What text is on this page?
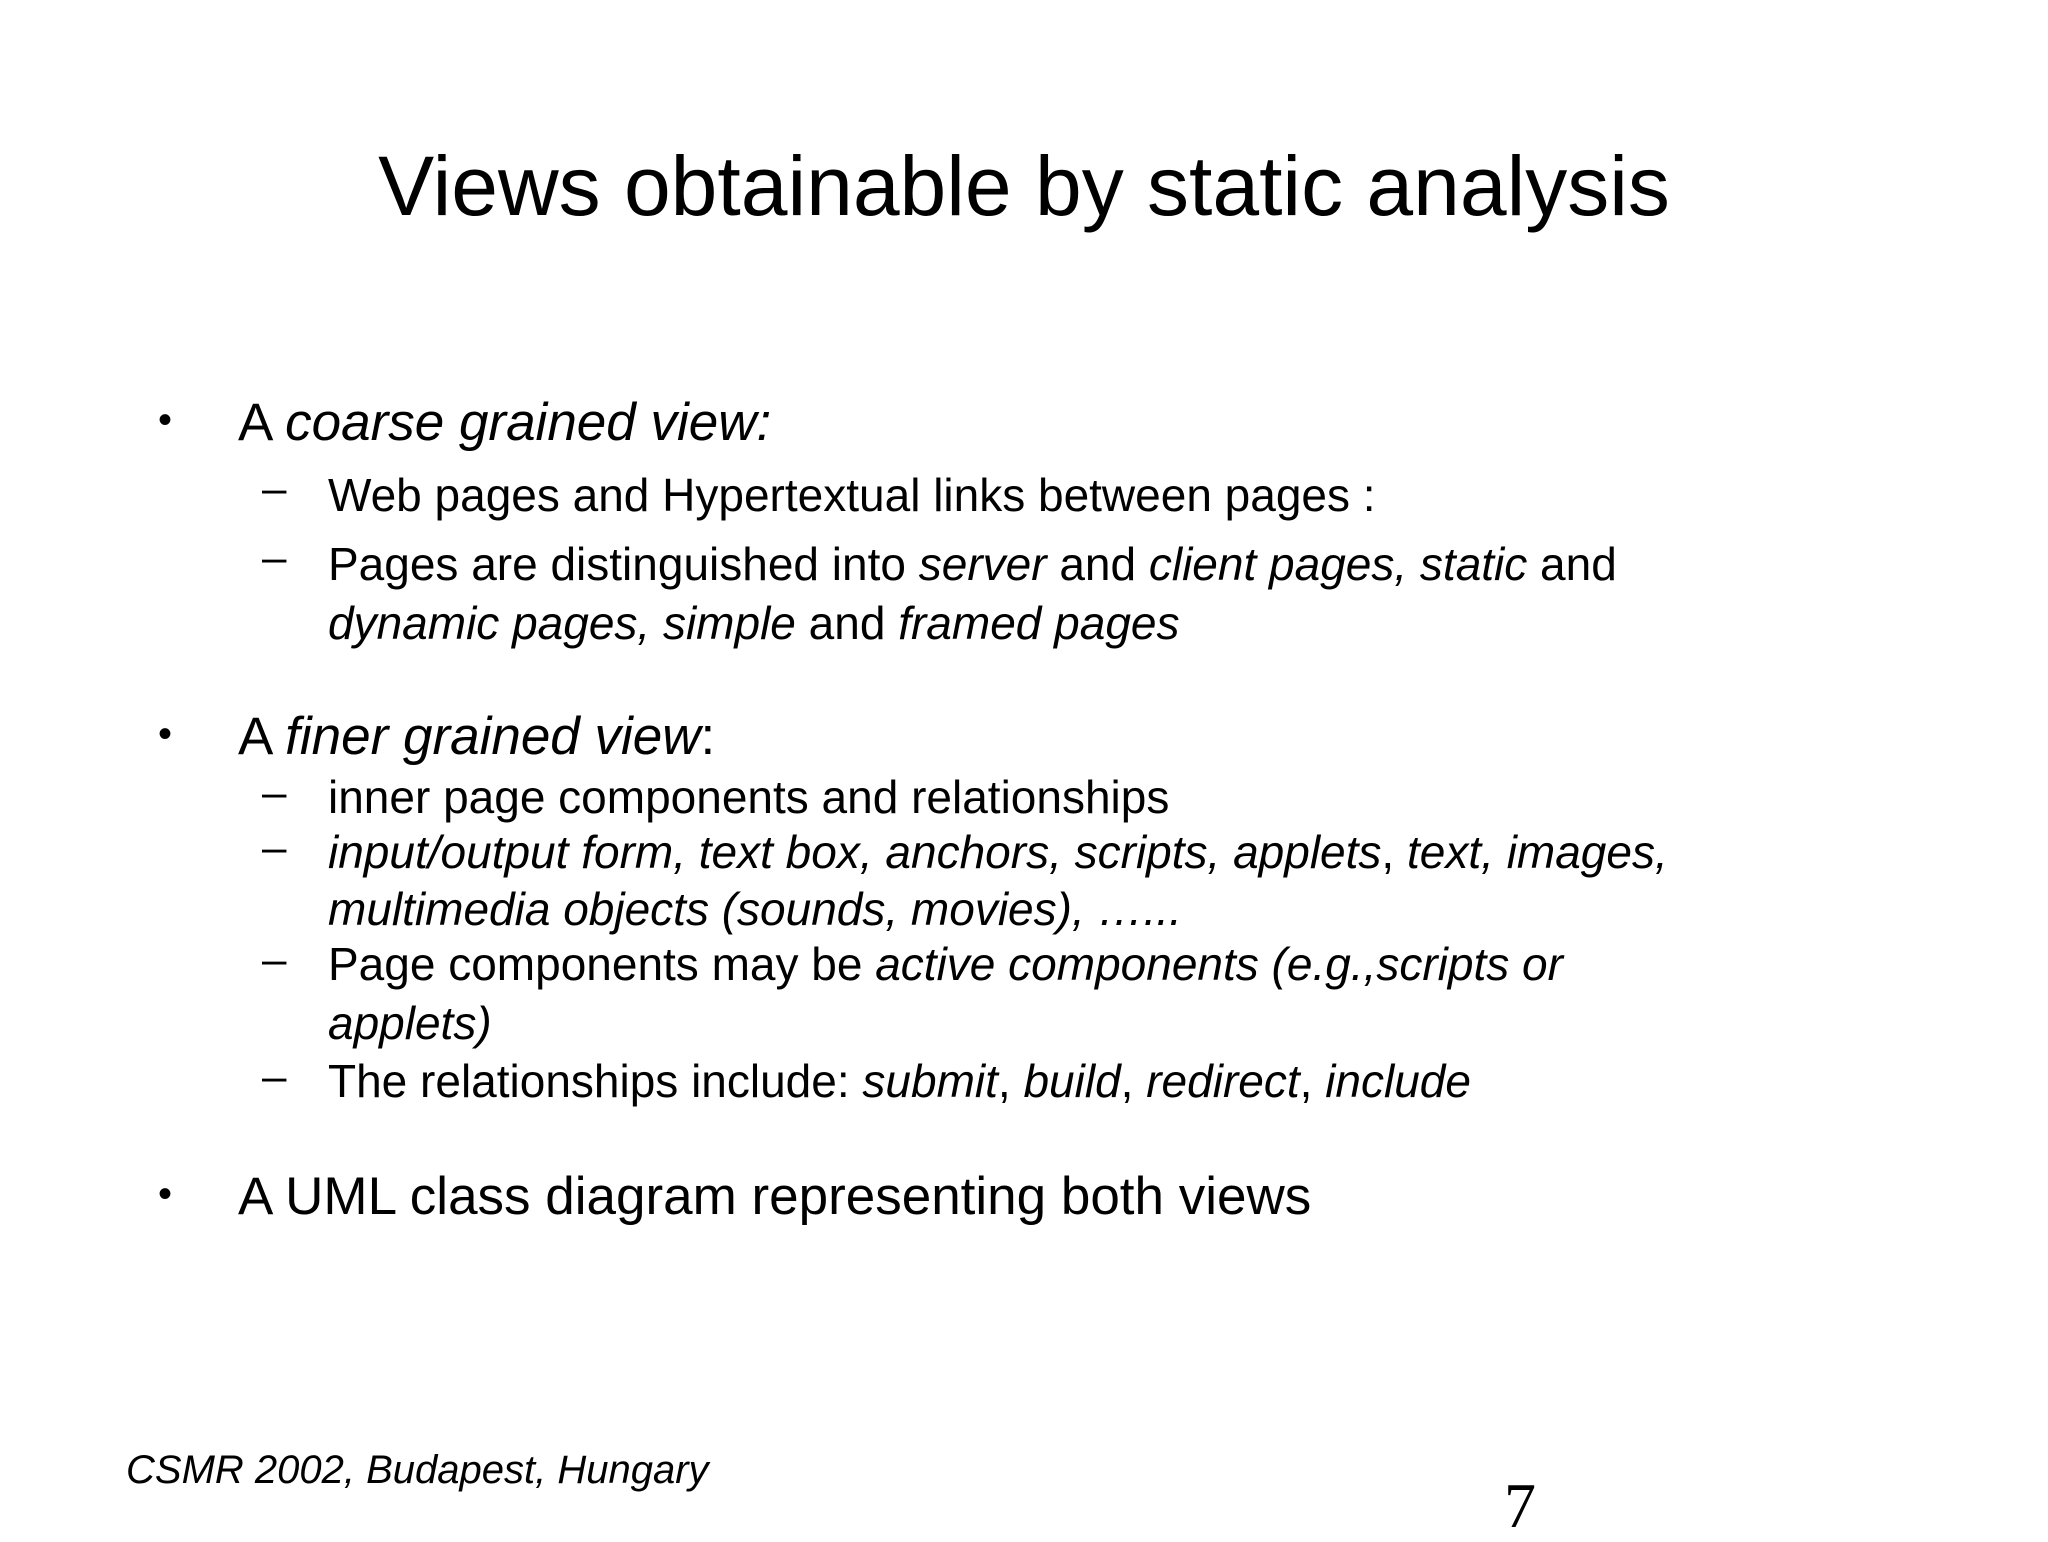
Views obtainable by static analysis
• A coarse grained view:
– Web pages and Hypertextual links between pages :
– Pages are distinguished into server and client pages, static and
dynamic pages, simple and framed pages
• A finer grained view:
– inner page components and relationships
– input/output form, text box, anchors, scripts, applets, text, images,
multimedia objects (sounds, movies), …...
– Page components may be active components (e.g.,scripts or
applets)
– The relationships include: submit, build, redirect, include
• A UML class diagram representing both views
CSMR 2002, Budapest, Hungary	7
